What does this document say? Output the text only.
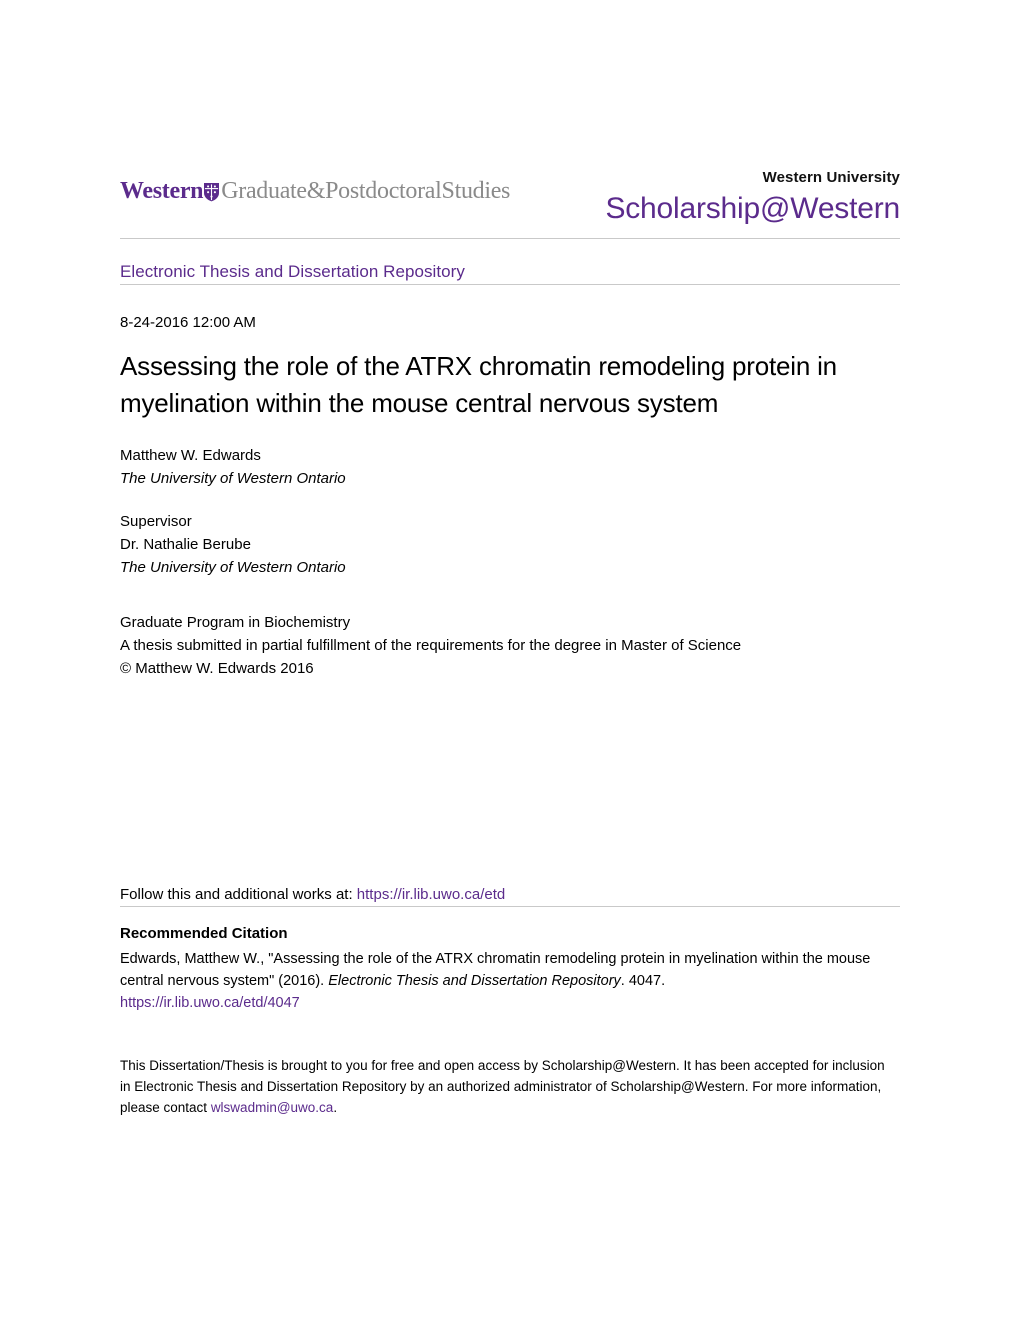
Western Graduate&PostdoctoralStudies
Western University
Scholarship@Western
Electronic Thesis and Dissertation Repository
8-24-2016 12:00 AM
Assessing the role of the ATRX chromatin remodeling protein in myelination within the mouse central nervous system
Matthew W. Edwards
The University of Western Ontario
Supervisor
Dr. Nathalie Berube
The University of Western Ontario
Graduate Program in Biochemistry
A thesis submitted in partial fulfillment of the requirements for the degree in Master of Science
© Matthew W. Edwards 2016
Follow this and additional works at: https://ir.lib.uwo.ca/etd
Recommended Citation
Edwards, Matthew W., "Assessing the role of the ATRX chromatin remodeling protein in myelination within the mouse central nervous system" (2016). Electronic Thesis and Dissertation Repository. 4047.
https://ir.lib.uwo.ca/etd/4047
This Dissertation/Thesis is brought to you for free and open access by Scholarship@Western. It has been accepted for inclusion in Electronic Thesis and Dissertation Repository by an authorized administrator of Scholarship@Western. For more information, please contact wlswadmin@uwo.ca.
